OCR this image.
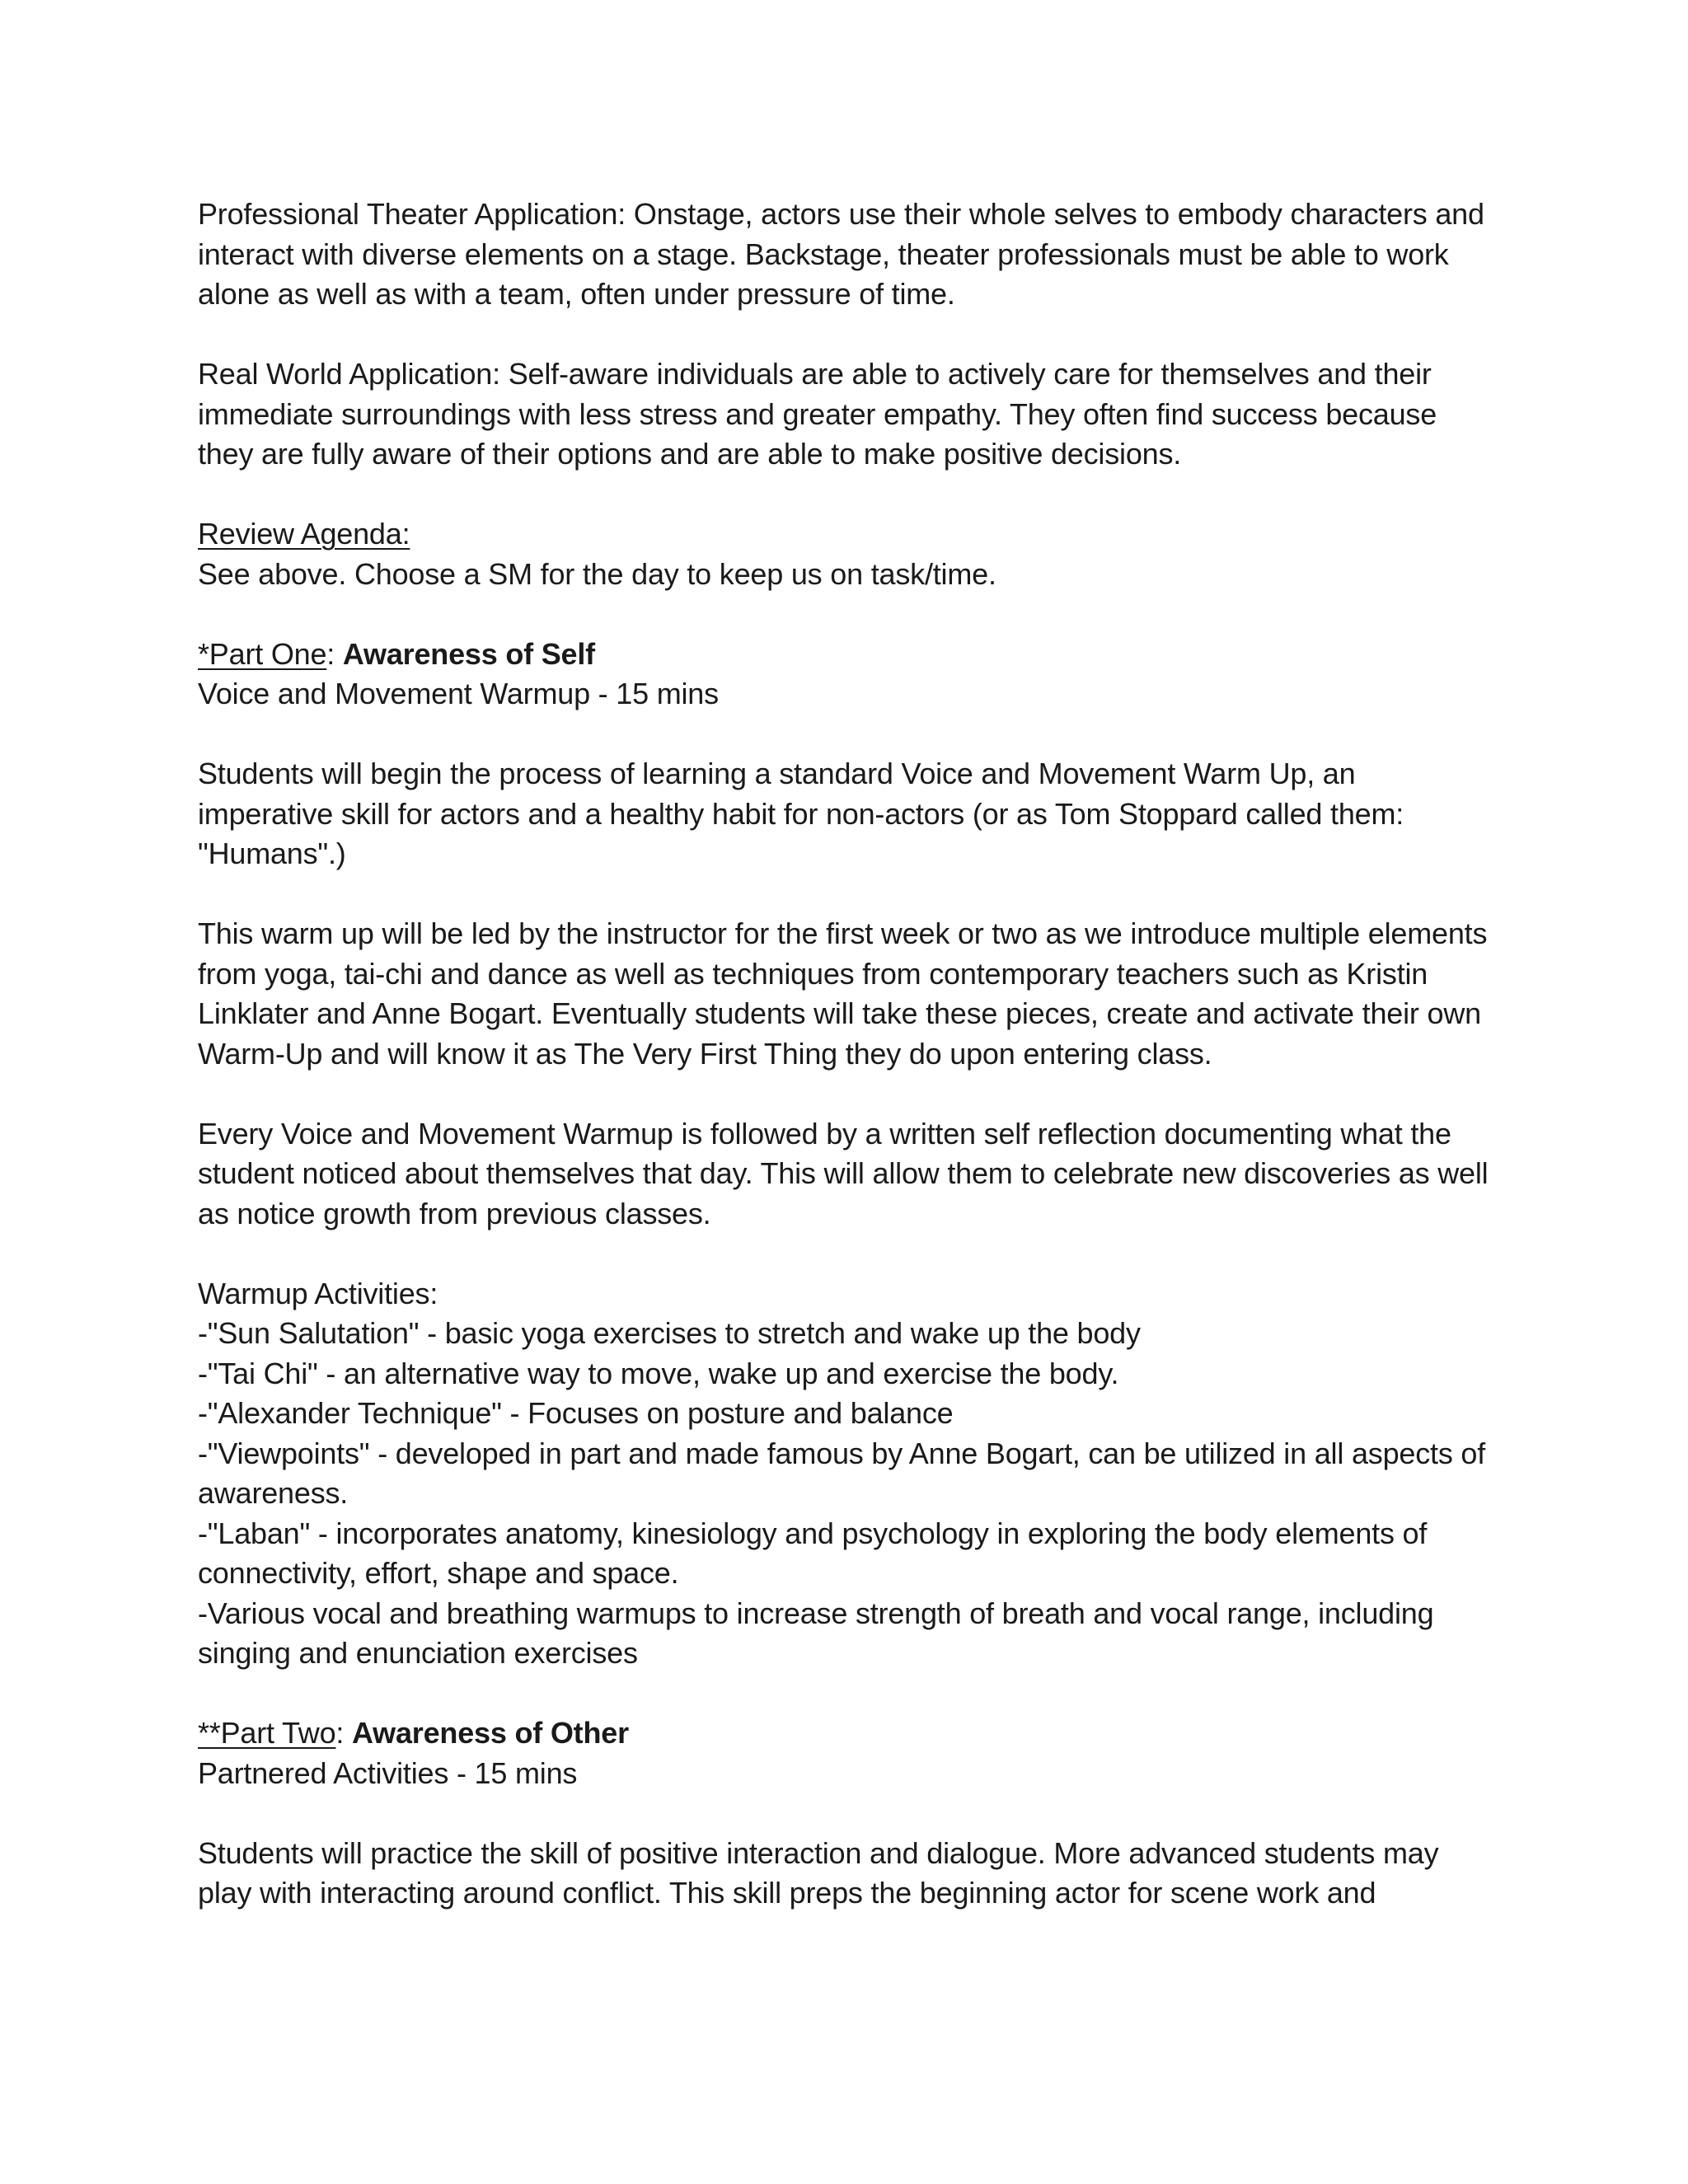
Professional Theater Application: Onstage, actors use their whole selves to embody characters and interact with diverse elements on a stage. Backstage, theater professionals must be able to work alone as well as with a team, often under pressure of time.

Real World Application: Self-aware individuals are able to actively care for themselves and their immediate surroundings with less stress and greater empathy. They often find success because they are fully aware of their options and are able to make positive decisions.

Review Agenda:

See above. Choose a SM for the day to keep us on task/time.

*Part One: Awareness of Self

Voice and Movement Warmup - 15 mins

Students will begin the process of learning a standard Voice and Movement Warm Up, an imperative skill for actors and a healthy habit for non-actors (or as Tom Stoppard called them: "Humans".)

This warm up will be led by the instructor for the first week or two as we introduce multiple elements from yoga, tai-chi and dance as well as techniques from contemporary teachers such as Kristin Linklater and Anne Bogart. Eventually students will take these pieces, create and activate their own Warm-Up and will know it as The Very First Thing they do upon entering class.

Every Voice and Movement Warmup is followed by a written self reflection documenting what the student noticed about themselves that day. This will allow them to celebrate new discoveries as well as notice growth from previous classes.

Warmup Activities:

-"Sun Salutation" - basic yoga exercises to stretch and wake up the body

-"Tai Chi" - an alternative way to move, wake up and exercise the body.

-"Alexander Technique" - Focuses on posture and balance

-"Viewpoints" - developed in part and made famous by Anne Bogart, can be utilized in all aspects of awareness.

-"Laban" - incorporates anatomy, kinesiology and psychology in exploring the body elements of connectivity, effort, shape and space.

-Various vocal and breathing warmups to increase strength of breath and vocal range, including singing and enunciation exercises

**Part Two: Awareness of Other

Partnered Activities - 15 mins

Students will practice the skill of positive interaction and dialogue. More advanced students may play with interacting around conflict. This skill preps the beginning actor for scene work and
